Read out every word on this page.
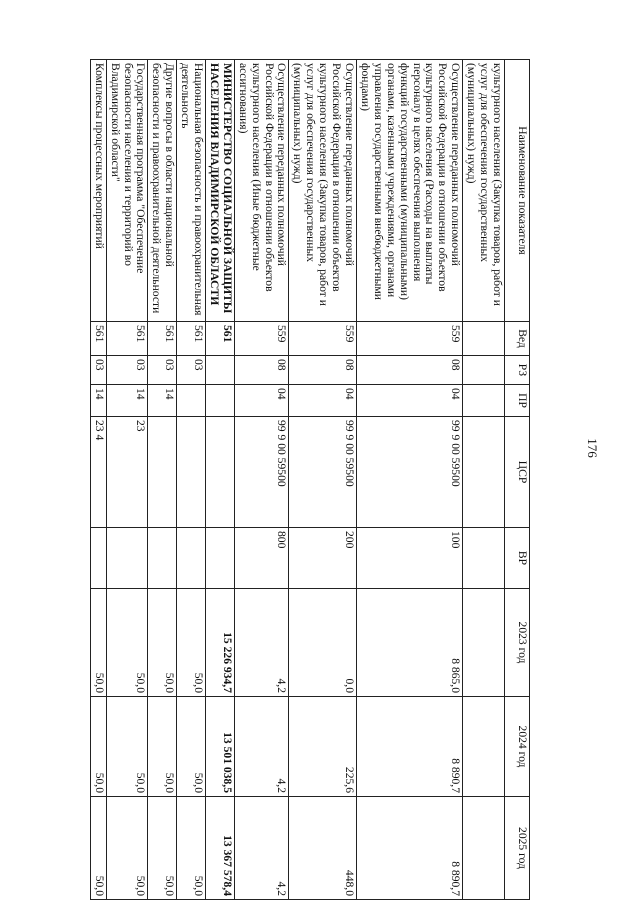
176
Наименование показателя	Вед	РЗ	ПР	ЦСР	ВР	2023 год	2024 год	2025 год
культурного населения (Закупка товаров, работ и услуг для обеспечения государственных (муниципальных) нужд)								
Осуществление переданных полномочий Российской Федерации в отношении объектов культурного населения (Расходы на выплаты персоналу в целях обеспечения выполнения функций государственными (муниципальными) органами, казенными учреждениями, органами управления государственными внебюджетными фондами)	559	08	04	99 9 00 59500	100	8 865,0	8 890,7	8 890,7
Осуществление переданных полномочий Российской Федерации в отношении объектов культурного населения (Закупка товаров, работ и услуг для обеспечения государственных (муниципальных) нужд)	559	08	04	99 9 00 59500	200	0,0	225,6	448,0
Осуществление переданных полномочий Российской Федерации в отношении объектов культурного населения (Иные бюджетные ассигнования)	559	08	04	99 9 00 59500	800	4,2	4,2	4,2
МИНИСТЕРСТВО СОЦИАЛЬНОЙ ЗАЩИТЫ НАСЕЛЕНИЯ ВЛАДИМИРСКОЙ ОБЛАСТИ	561					15 226 934,7	13 501 038,5	13 367 578,4
Национальная безопасность и правоохранительная деятельность	561	03				50,0	50,0	50,0
Другие вопросы в области национальной безопасности и правоохранительной деятельности	561	03	14			50,0	50,0	50,0
Государственная программа "Обеспечение безопасности населения и территорий во Владимирской области"	561	03	14	23		50,0	50,0	50,0
Комплексы процессных мероприятий	561	03	14	23 4		50,0	50,0	50,0
